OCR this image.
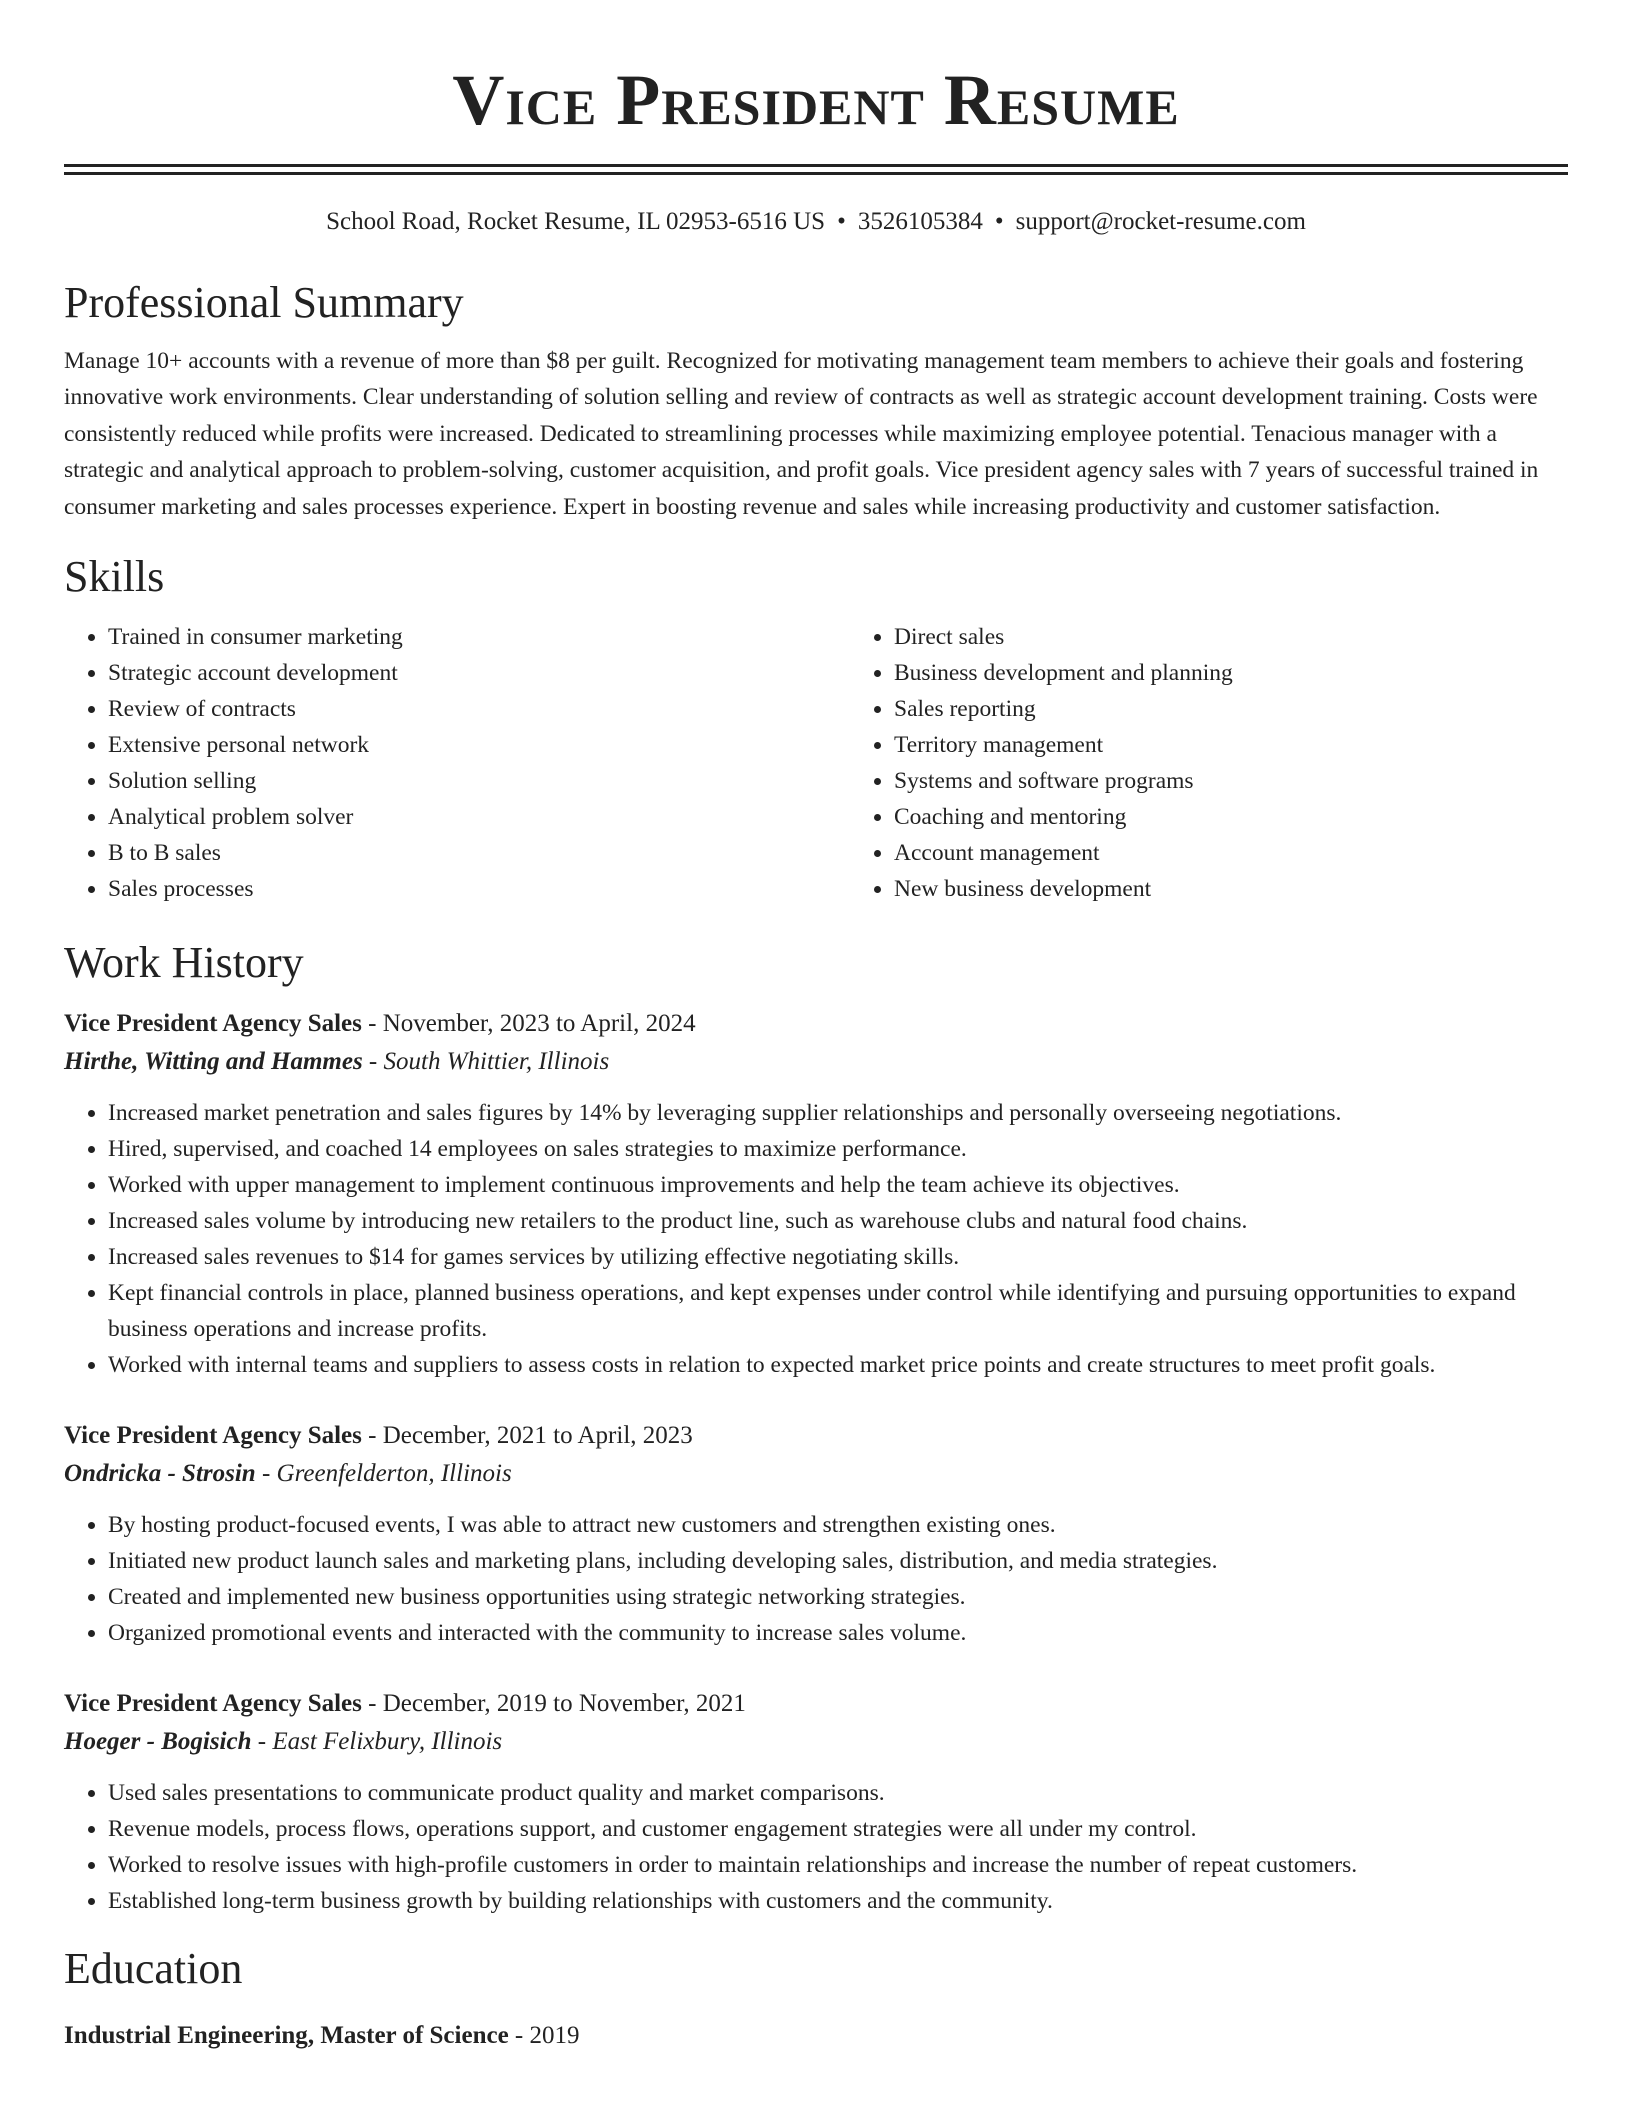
Vice President Resume
School Road, Rocket Resume, IL 02953-6516 US • 3526105384 • support@rocket-resume.com
Professional Summary

Manage 10+ accounts with a revenue of more than $8 per guilt. Recognized for motivating management team members to achieve their goals and fostering innovative work environments. Clear understanding of solution selling and review of contracts as well as strategic account development training. Costs were consistently reduced while profits were increased. Dedicated to streamlining processes while maximizing employee potential. Tenacious manager with a strategic and analytical approach to problem-solving, customer acquisition, and profit goals. Vice president agency sales with 7 years of successful trained in consumer marketing and sales processes experience. Expert in boosting revenue and sales while increasing productivity and customer satisfaction.

Skills
• Trained in consumer marketing
• Strategic account development
• Review of contracts
• Extensive personal network
• Solution selling
• Analytical problem solver
• B to B sales
• Sales processes
• Direct sales
• Business development and planning
• Sales reporting
• Territory management
• Systems and software programs
• Coaching and mentoring
• Account management
• New business development
Work History
Vice President Agency Sales - November, 2023 to April, 2024
Hirthe, Witting and Hammes - South Whittier, Illinois
• Increased market penetration and sales figures by 14% by leveraging supplier relationships and personally overseeing negotiations.
• Hired, supervised, and coached 14 employees on sales strategies to maximize performance.
• Worked with upper management to implement continuous improvements and help the team achieve its objectives.
• Increased sales volume by introducing new retailers to the product line, such as warehouse clubs and natural food chains.
• Increased sales revenues to $14 for games services by utilizing effective negotiating skills.
• Kept financial controls in place, planned business operations, and kept expenses under control while identifying and pursuing opportunities to expand business operations and increase profits.
• Worked with internal teams and suppliers to assess costs in relation to expected market price points and create structures to meet profit goals.
Vice President Agency Sales - December, 2021 to April, 2023
Ondricka - Strosin - Greenfelderton, Illinois
• By hosting product-focused events, I was able to attract new customers and strengthen existing ones.
• Initiated new product launch sales and marketing plans, including developing sales, distribution, and media strategies.
• Created and implemented new business opportunities using strategic networking strategies.
• Organized promotional events and interacted with the community to increase sales volume.
Vice President Agency Sales - December, 2019 to November, 2021
Hoeger - Bogisich - East Felixbury, Illinois
• Used sales presentations to communicate product quality and market comparisons.
• Revenue models, process flows, operations support, and customer engagement strategies were all under my control.
• Worked to resolve issues with high-profile customers in order to maintain relationships and increase the number of repeat customers.
• Established long-term business growth by building relationships with customers and the community.
Education
Industrial Engineering, Master of Science - 2019
